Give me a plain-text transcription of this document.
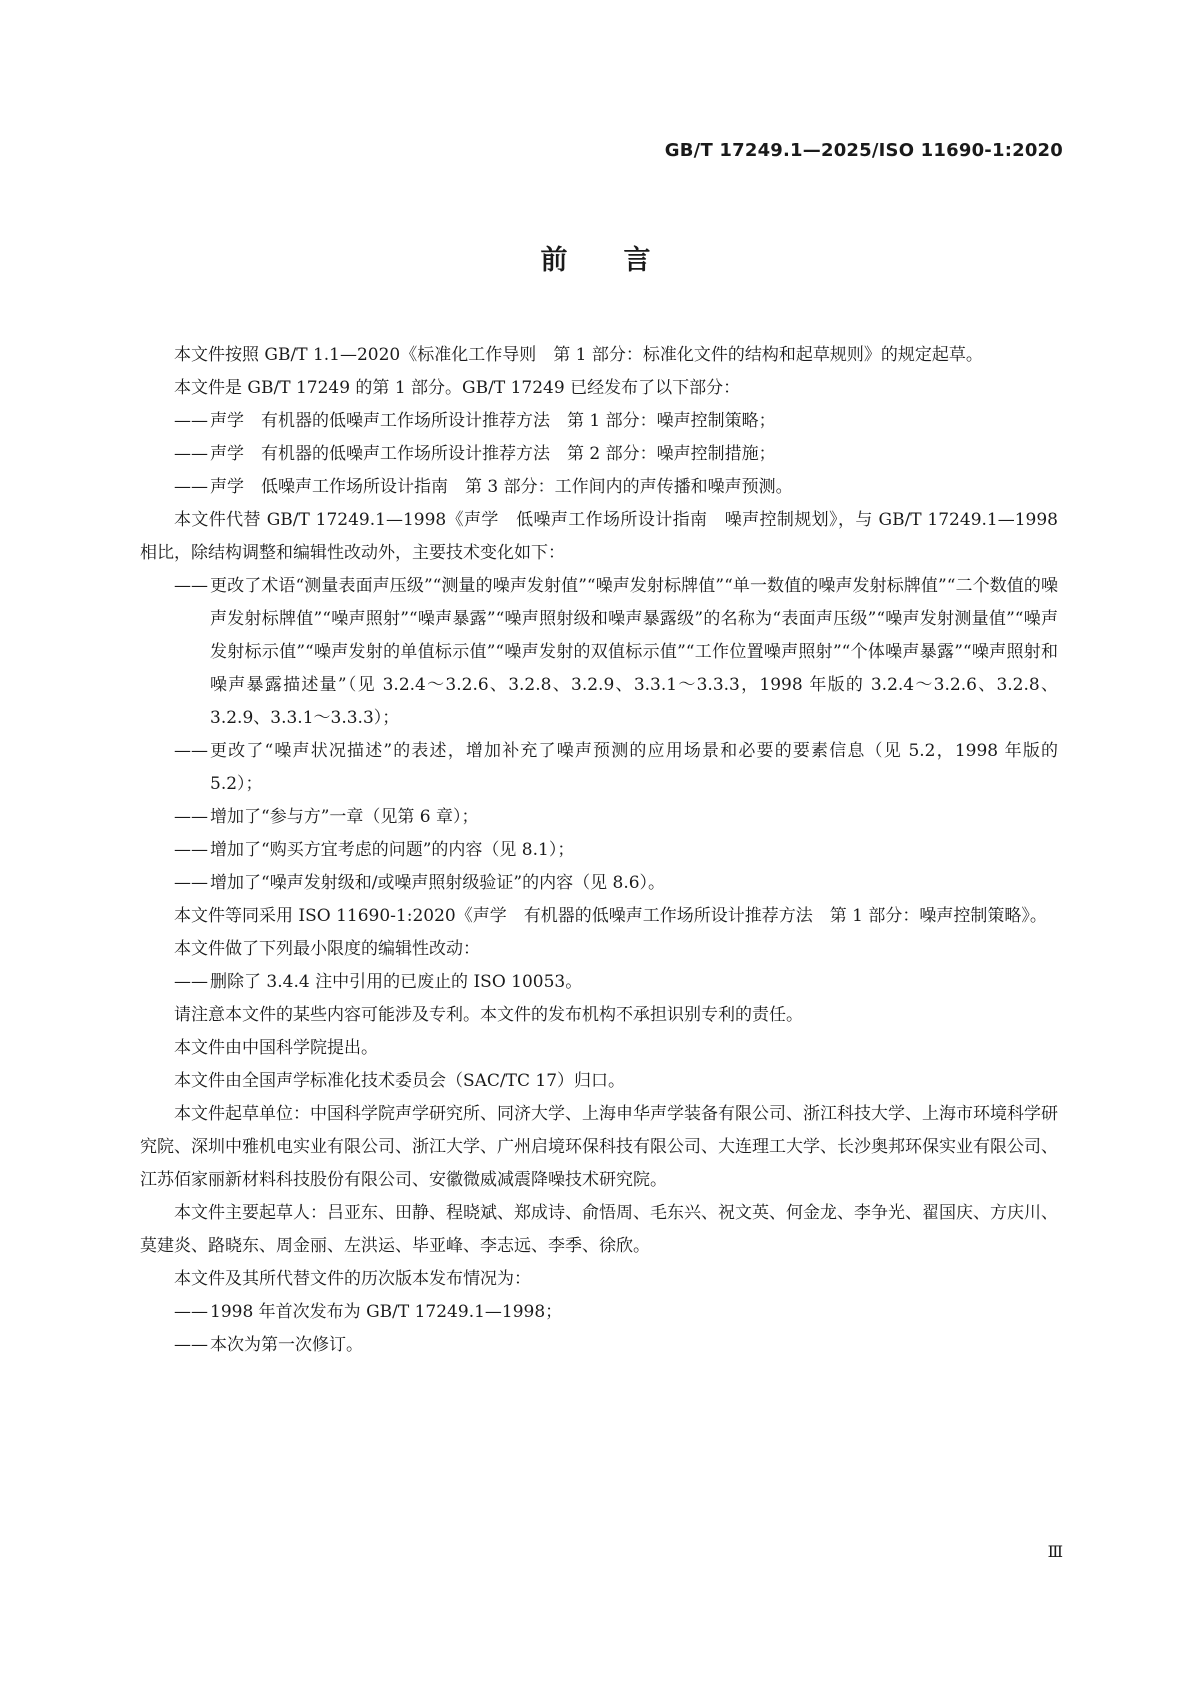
GB/T 17249.1—2025/ISO 11690-1:2020
前言

本文件按照 GB/T 1.1—2020《标准化工作导则　第 1 部分：标准化文件的结构和起草规则》的规定起草。

本文件是 GB/T 17249 的第 1 部分。GB/T 17249 已经发布了以下部分：

—— 声学　有机器的低噪声工作场所设计推荐方法　第 1 部分：噪声控制策略；
—— 声学　有机器的低噪声工作场所设计推荐方法　第 2 部分：噪声控制措施；
—— 声学　低噪声工作场所设计指南　第 3 部分：工作间内的声传播和噪声预测。

本文件代替 GB/T 17249.1—1998《声学　低噪声工作场所设计指南　噪声控制规划》，与 GB/T 17249.1—1998 相比，除结构调整和编辑性改动外，主要技术变化如下：

—— 更改了术语“测量表面声压级”“测量的噪声发射值”“噪声发射标牌值”“单一数值的噪声发射标牌值”“二个数值的噪声发射标牌值”“噪声照射”“噪声暴露”“噪声照射级和噪声暴露级”的名称为“表面声压级”“噪声发射测量值”“噪声发射标示值”“噪声发射的单值标示值”“噪声发射的双值标示值”“工作位置噪声照射”“个体噪声暴露”“噪声照射和噪声暴露描述量”（见 3.2.4～3.2.6、3.2.8、3.2.9、3.3.1～3.3.3，1998 年版的 3.2.4～3.2.6、3.2.8、3.2.9、3.3.1～3.3.3）；
—— 更改了“噪声状况描述”的表述，增加补充了噪声预测的应用场景和必要的要素信息（见 5.2，1998 年版的 5.2）；
—— 增加了“参与方”一章（见第 6 章）；
—— 增加了“购买方宜考虑的问题”的内容（见 8.1）；
—— 增加了“噪声发射级和/或噪声照射级验证”的内容（见 8.6）。

本文件等同采用 ISO 11690-1:2020《声学　有机器的低噪声工作场所设计推荐方法　第 1 部分：噪声控制策略》。

本文件做了下列最小限度的编辑性改动：

—— 删除了 3.4.4 注中引用的已废止的 ISO 10053。

请注意本文件的某些内容可能涉及专利。本文件的发布机构不承担识别专利的责任。

本文件由中国科学院提出。

本文件由全国声学标准化技术委员会（SAC/TC 17）归口。

本文件起草单位：中国科学院声学研究所、同济大学、上海申华声学装备有限公司、浙江科技大学、上海市环境科学研究院、深圳中雅机电实业有限公司、浙江大学、广州启境环保科技有限公司、大连理工大学、长沙奥邦环保实业有限公司、江苏佰家丽新材料科技股份有限公司、安徽微威减震降噪技术研究院。

本文件主要起草人：吕亚东、田静、程晓斌、郑成诗、俞悟周、毛东兴、祝文英、何金龙、李争光、翟国庆、方庆川、莫建炎、路晓东、周金丽、左洪运、毕亚峰、李志远、李季、徐欣。

本文件及其所代替文件的历次版本发布情况为：

—— 1998 年首次发布为 GB/T 17249.1—1998；
—— 本次为第一次修订。
Ⅲ
